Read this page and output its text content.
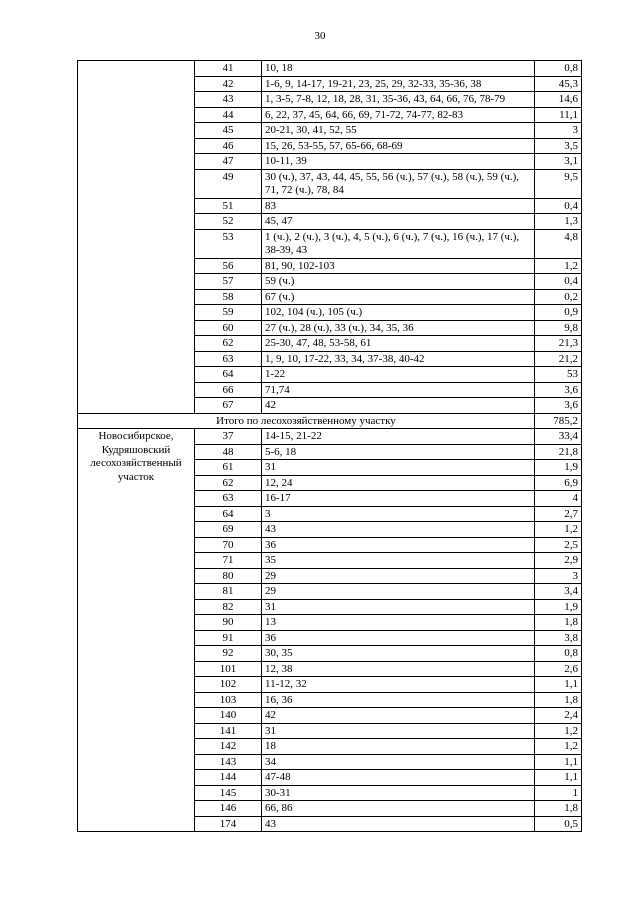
30
	41	10, 18	0,8
	42	1-6, 9, 14-17, 19-21, 23, 25, 29, 32-33, 35-36, 38	45,3
	43	1, 3-5, 7-8, 12, 18, 28, 31, 35-36, 43, 64, 66, 76, 78-79	14,6
	44	6, 22, 37, 45, 64, 66, 69, 71-72, 74-77, 82-83	11,1
	45	20-21, 30, 41, 52, 55	3
	46	15, 26, 53-55, 57, 65-66, 68-69	3,5
	47	10-11, 39	3,1
	49	30 (ч.), 37, 43, 44, 45, 55, 56 (ч.), 57 (ч.), 58 (ч.), 59 (ч.), 71, 72 (ч.), 78, 84	9,5
	51	83	0,4
	52	45, 47	1,3
	53	1 (ч.), 2 (ч.), 3 (ч.), 4, 5 (ч.), 6 (ч.), 7 (ч.), 16 (ч.), 17 (ч.), 38-39, 43	4,8
	56	81, 90, 102-103	1,2
	57	59 (ч.)	0,4
	58	67 (ч.)	0,2
	59	102, 104 (ч.), 105 (ч.)	0,9
	60	27 (ч.), 28 (ч.), 33 (ч.), 34, 35, 36	9,8
	62	25-30, 47, 48, 53-58, 61	21,3
	63	1, 9, 10, 17-22, 33, 34, 37-38, 40-42	21,2
	64	1-22	53
	66	71,74	3,6
	67	42	3,6
Итого по лесохозяйственному участку			785,2
Новосибирское, Кудряшовский лесохозяйственный участок	37	14-15, 21-22	33,4
	48	5-6, 18	21,8
	61	31	1,9
	62	12, 24	6,9
	63	16-17	4
	64	3	2,7
	69	43	1,2
	70	36	2,5
	71	35	2,9
	80	29	3
	81	29	3,4
	82	31	1,9
	90	13	1,8
	91	36	3,8
	92	30, 35	0,8
	101	12, 38	2,6
	102	11-12, 32	1,1
	103	16, 36	1,8
	140	42	2,4
	141	31	1,2
	142	18	1,2
	143	34	1,1
	144	47-48	1,1
	145	30-31	1
	146	66, 86	1,8
	174	43	0,5
